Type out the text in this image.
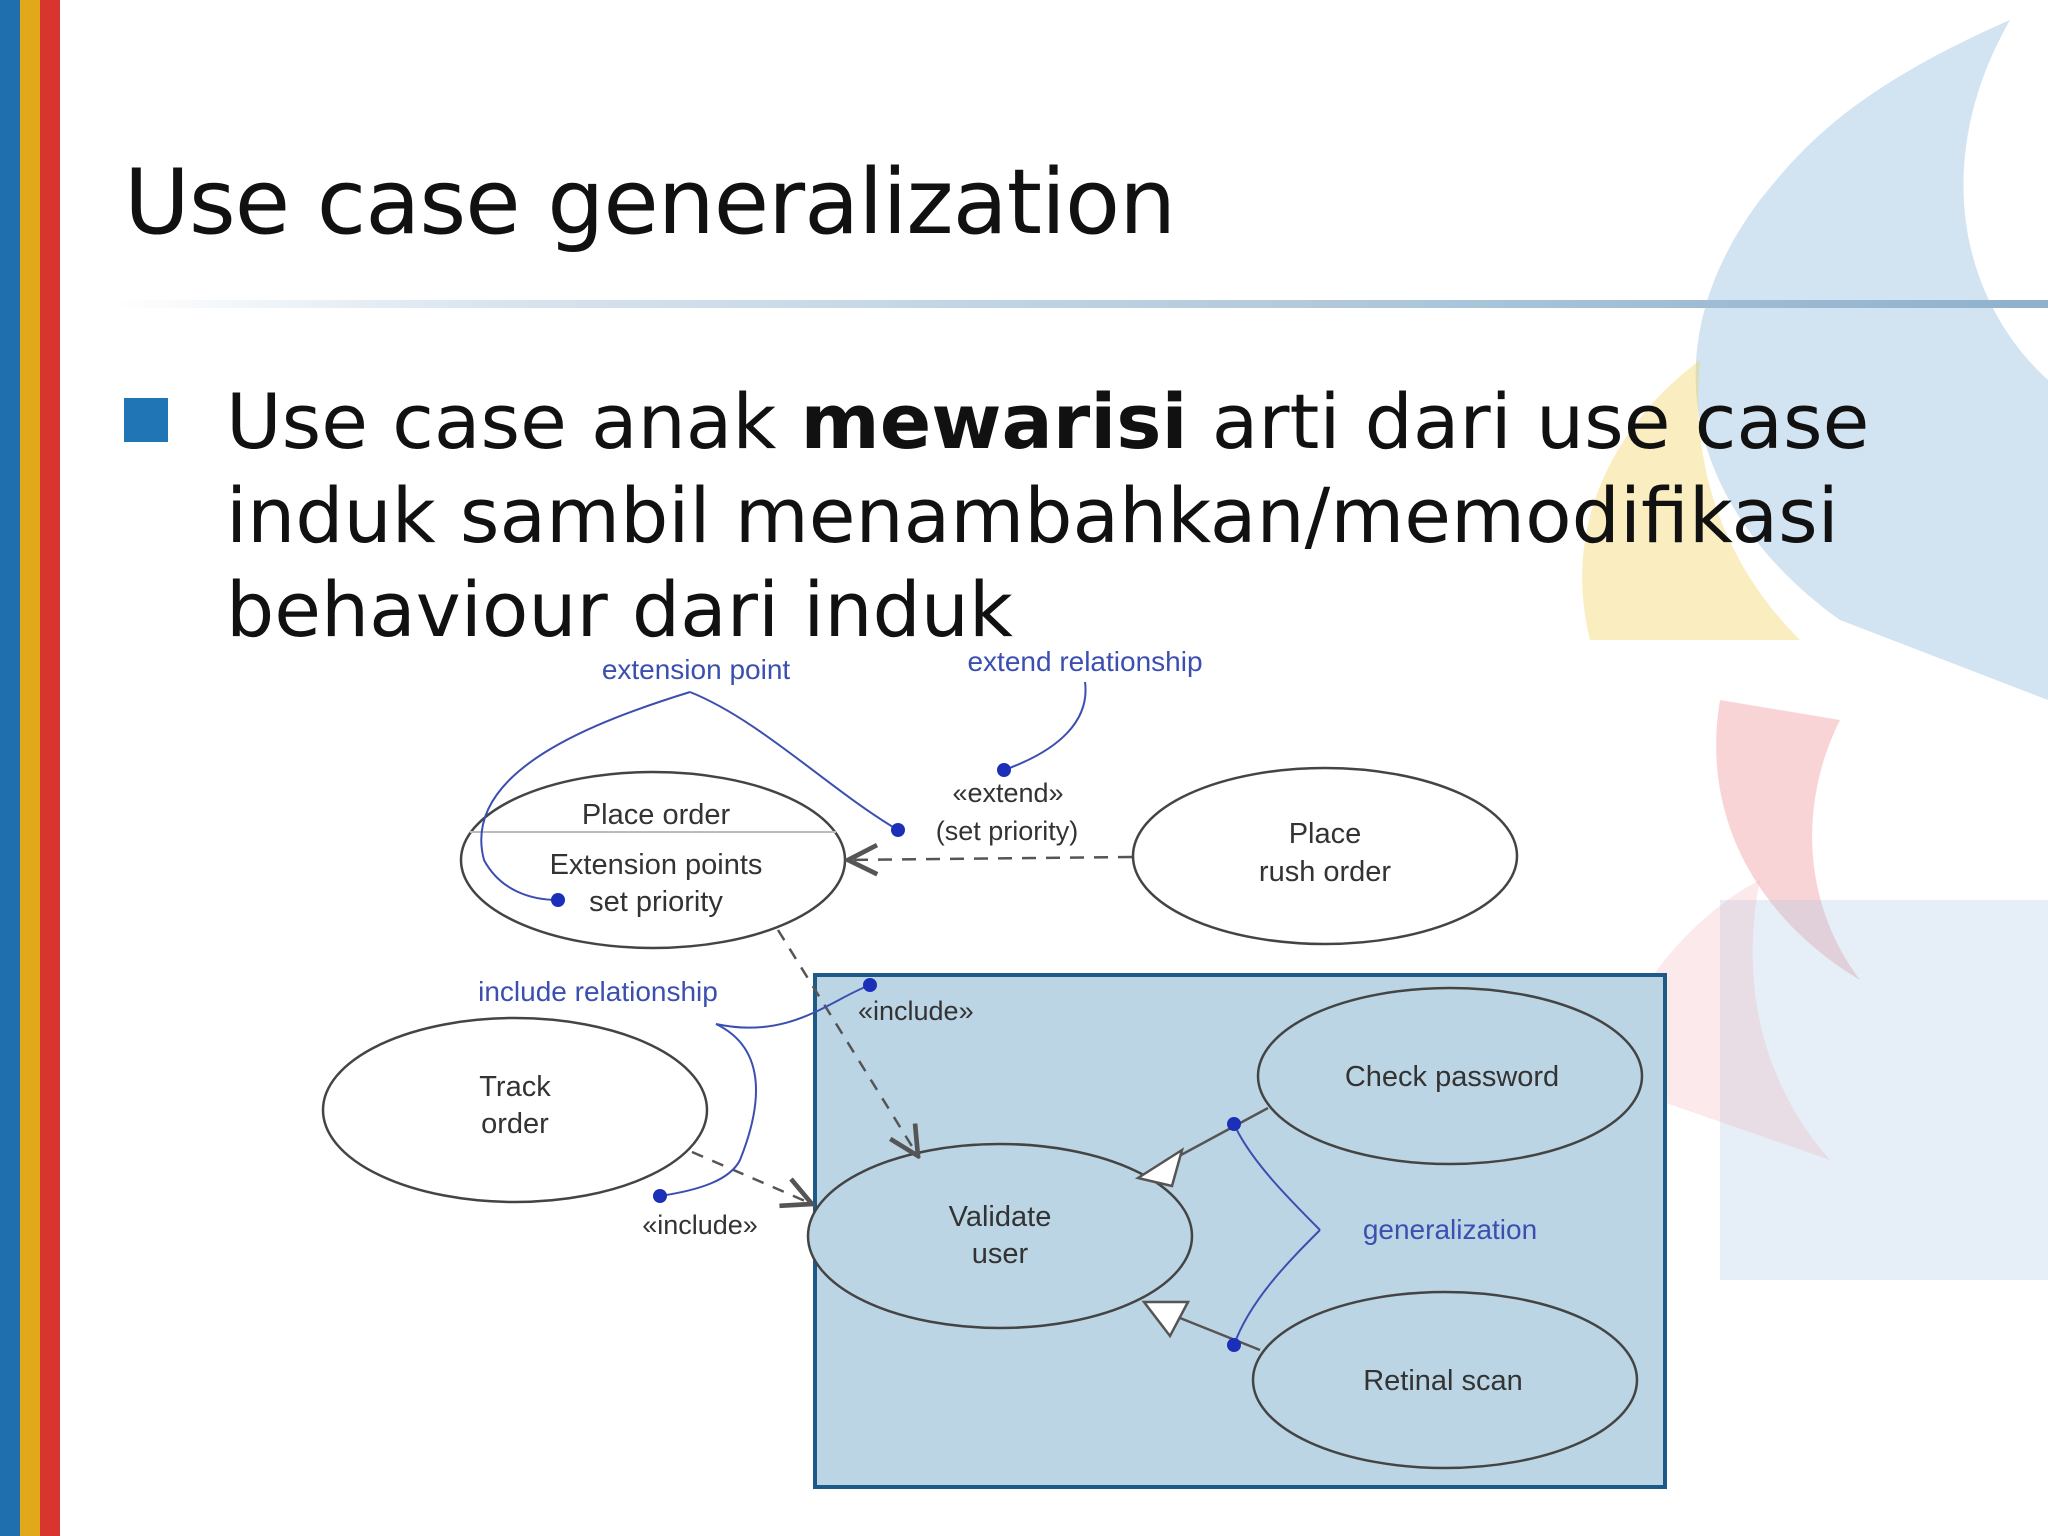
Use case generalization

Use case anak mewarisi arti dari use case induk sambil menambahkan/memodifikasi behaviour dari induk

Place order
Extension points
set priority
Place
rush order
Track
order
Validate
user
Check password
Retinal scan
«extend»
(set priority)
«include»
«include»
extension point	extend relationship
include relationship
generalization
